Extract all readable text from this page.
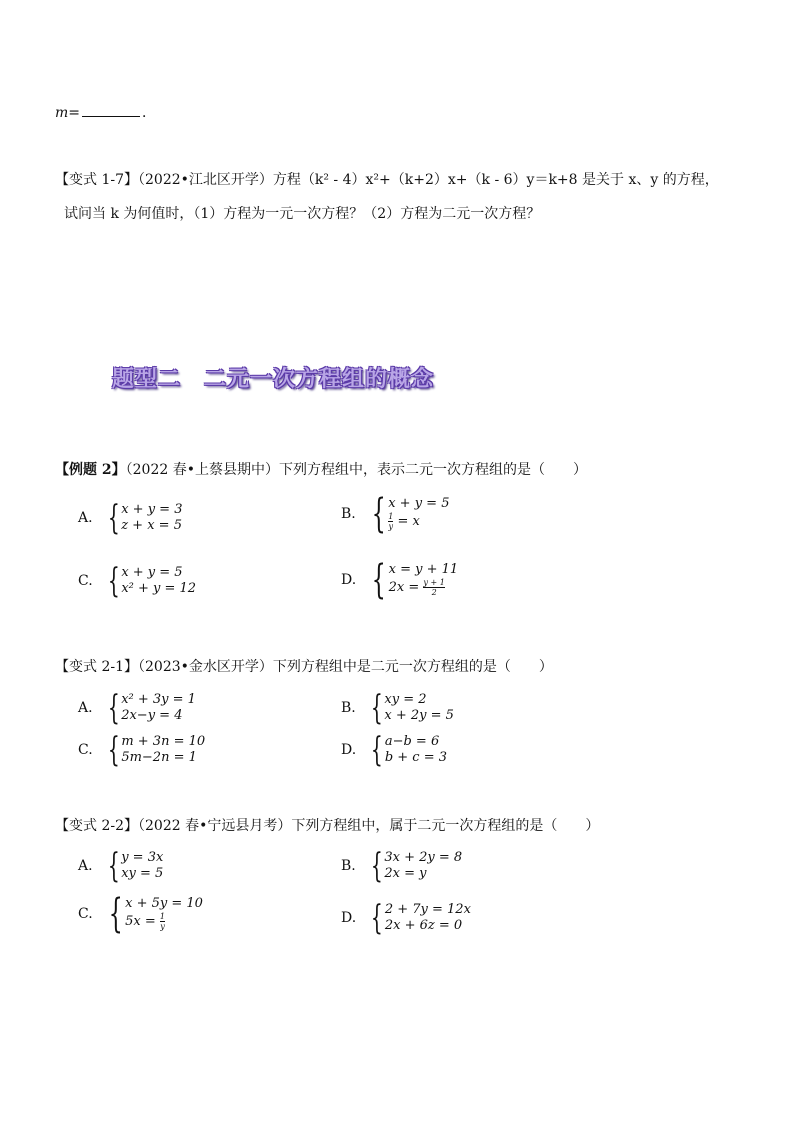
m=	．
【变式 1-7】（2022•江北区开学）方程（k² - 4）x²+（k+2）x+（k - 6）y＝k+8 是关于 x、y 的方程，
试问当 k 为何值时，（1）方程为一元一次方程？（2）方程为二元一次方程？
题型二　二元一次方程组的概念
【例题 2】（2022 春•上蔡县期中）下列方程组中，表示二元一次方程组的是（　　）
A. { x + y = 3
z + x = 5
B. { x + y = 5
$\frac{1}{y} = x$
C. { x + y = 5
x² + y = 12
D. { x = y + 11
$2x = \frac{y + 1}{2}$
【变式 2-1】（2023•金水区开学）下列方程组中是二元一次方程组的是（　　）
A. { x² + 3y = 1
2x−y = 4	B. { xy = 2
x + 2y = 5
C. { m + 3n = 10
5m−2n = 1	D. { a−b = 6
b + c = 3
【变式 2-2】（2022 春•宁远县月考）下列方程组中，属于二元一次方程组的是（　　）
A. { y = 3x
xy = 5	B. { 3x + 2y = 8
2x = y
C. { x + 5y = 10
$5x = \frac{1}{y}$	D. { 2 + 7y = 12x
2x + 6z = 0
